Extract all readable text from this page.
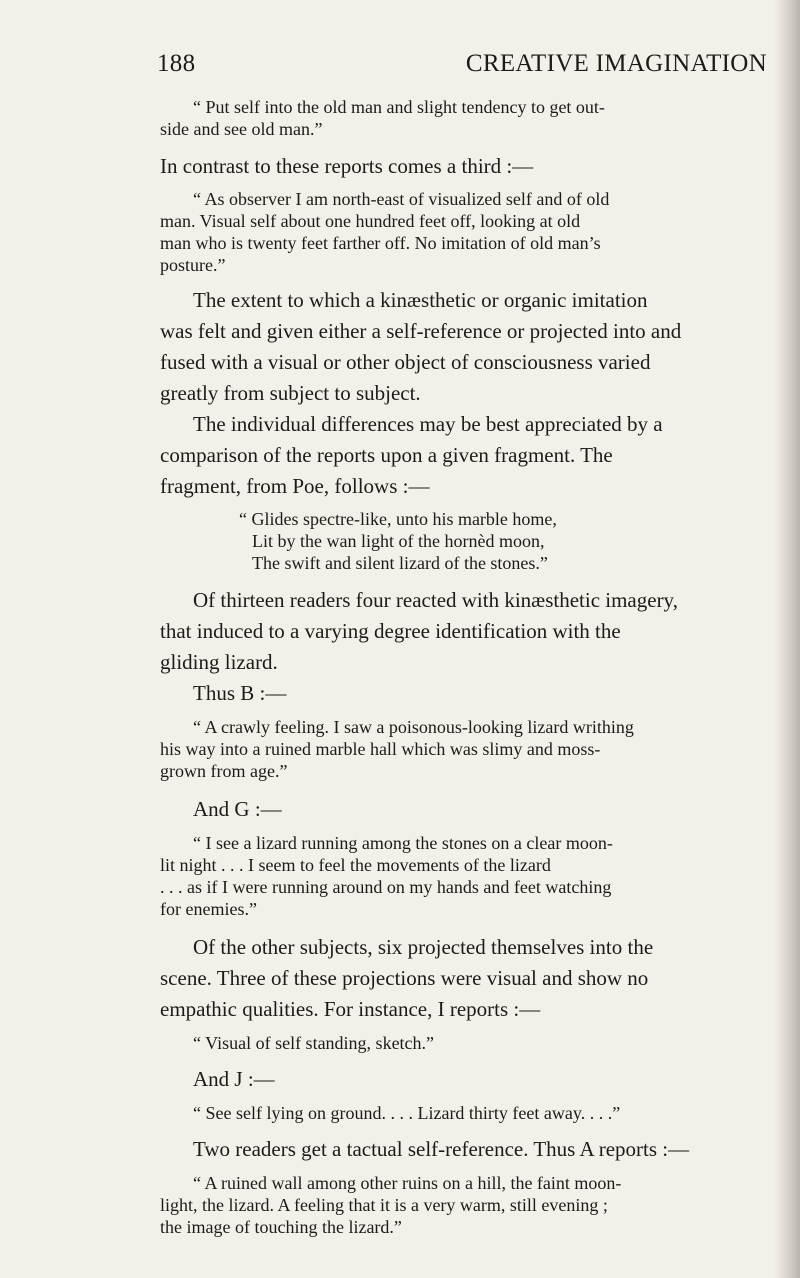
188	CREATIVE IMAGINATION
“ Put self into the old man and slight tendency to get out-
side and see old man.”
In contrast to these reports comes a third :—
“ As observer I am north-east of visualized self and of old
man. Visual self about one hundred feet off, looking at old
man who is twenty feet farther off. No imitation of old man’s
posture.”
The extent to which a kinæsthetic or organic imitation
was felt and given either a self-reference or projected into and
fused with a visual or other object of consciousness varied
greatly from subject to subject.
The individual differences may be best appreciated by a
comparison of the reports upon a given fragment. The
fragment, from Poe, follows :—
“ Glides spectre-like, unto his marble home,
Lit by the wan light of the hornèd moon,
The swift and silent lizard of the stones.”
Of thirteen readers four reacted with kinæsthetic imagery,
that induced to a varying degree identification with the
gliding lizard.
Thus B :—
“ A crawly feeling. I saw a poisonous-looking lizard writhing
his way into a ruined marble hall which was slimy and moss-
grown from age.”
And G :—
“ I see a lizard running among the stones on a clear moon-
lit night . . . I seem to feel the movements of the lizard
. . . as if I were running around on my hands and feet watching
for enemies.”
Of the other subjects, six projected themselves into the
scene. Three of these projections were visual and show no
empathic qualities. For instance, I reports :—
“ Visual of self standing, sketch.”
And J :—
“ See self lying on ground. . . . Lizard thirty feet away. . . .”
Two readers get a tactual self-reference. Thus A reports :—
“ A ruined wall among other ruins on a hill, the faint moon-
light, the lizard. A feeling that it is a very warm, still evening ;
the image of touching the lizard.”
